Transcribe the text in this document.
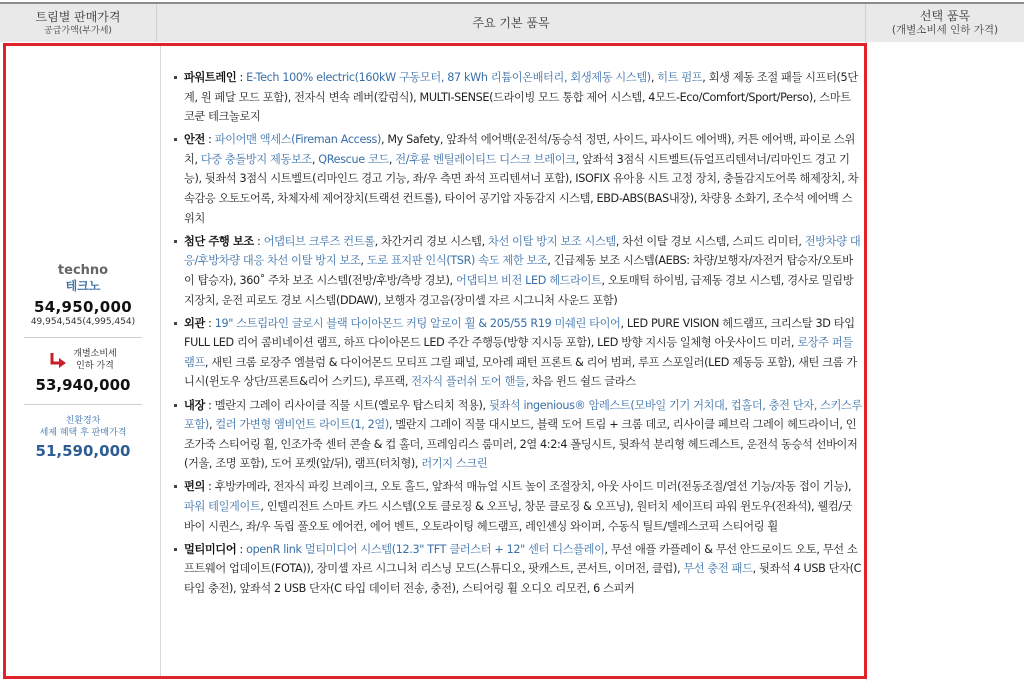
트림별 판매가격
공급가액(부가세)
주요 기본 품목	선택 품목
(개별소비세 인하 가격)
techno
테크노
54,950,000
49,954,545(4,995,454)
개별소비세
인하 가격
53,940,000
친환경차
세제 혜택 후 판매가격
51,590,000
파워트레인 : E-Tech 100% electric(160kW 구동모터, 87 kWh 리튬이온배터리, 회생제동 시스템), 히트 펌프, 회생 제동 조절 패들 시프터(5단계, 원 페달 모드 포함), 전자식 변속 레버(칼럼식), MULTI-SENSE(드라이빙 모드 통합 제어 시스템, 4모드-Eco/Comfort/Sport/Perso), 스마트 코쿤 테크놀로지
안전 : 파이어맨 액세스(Fireman Access), My Safety, 앞좌석 에어백(운전석/동승석 정면, 사이드, 파사이드 에어백), 커튼 에어백, 파이로 스위치, 다중 충돌방지 제동보조, QRescue 코드, 전/후륜 벤틸레이티드 디스크 브레이크, 앞좌석 3점식 시트벨트(듀얼프리텐셔너/리마인드 경고 기능), 뒷좌석 3점식 시트벨트(리마인드 경고 기능, 좌/우 측면 좌석 프리텐셔너 포함), ISOFIX 유아용 시트 고정 장치, 충돌감지도어록 해제장치, 차속감응 오토도어록, 차체자세 제어장치(트랙션 컨트롤), 타이어 공기압 자동감지 시스템, EBD-ABS(BAS내장), 차량용 소화기, 조수석 에어백 스위치
첨단 주행 보조 : 어댑티브 크루즈 컨트롤, 차간거리 경보 시스템, 차선 이탈 방지 보조 시스템, 차선 이탈 경보 시스템, 스피드 리미터, 전방차량 대응/후방차량 대응 차선 이탈 방지 보조, 도로 표지판 인식(TSR) 속도 제한 보조, 긴급제동 보조 시스템(AEBS: 차량/보행자/자전거 탑승자/오토바이 탑승자), 360˚ 주차 보조 시스템(전방/후방/측방 경보), 어댑티브 비전 LED 헤드라이트, 오토매틱 하이빔, 급제동 경보 시스템, 경사로 밀림방지장치, 운전 피로도 경보 시스템(DDAW), 보행자 경고음(장미셸 자르 시그니처 사운드 포함)
외관 : 19" 스트림라인 글로시 블랙 다이아몬드 커팅 알로이 휠 & 205/55 R19 미쉐린 타이어, LED PURE VISION 헤드램프, 크리스탈 3D 타입 FULL LED 리어 콤비네이션 램프, 하프 다이아몬드 LED 주간 주행등(방향 지시등 포함), LED 방향 지시등 일체형 아웃사이드 미러, 로장주 퍼들 램프, 새틴 크롬 로장주 엠블럼 & 다이어몬드 모티프 그릴 패널, 모아레 패턴 프론트 & 리어 범퍼, 루프 스포일러(LED 제동등 포함), 새틴 크롬 가니시(윈도우 상단/프론트&리어 스키드), 루프랙, 전자식 플러쉬 도어 핸들, 차음 윈드 쉴드 글라스
내장 : 멜란지 그레이 리사이클 직물 시트(옐로우 탑스티치 적용), 뒷좌석 ingenious® 암레스트(모바일 기기 거치대, 컵홀더, 충전 단자, 스키스루 포함), 컬러 가변형 앰비언트 라이트(1, 2열), 멜란지 그레이 직물 대시보드, 블랙 도어 트림 + 크롬 데코, 리사이클 페브릭 그레이 헤드라이너, 인조가죽 스티어링 휠, 인조가죽 센터 콘솔 & 컵 홀더, 프레임리스 룸미러, 2열 4:2:4 폴딩시트, 뒷좌석 분리형 헤드레스트, 운전석 동승석 선바이저(거울, 조명 포함), 도어 포켓(앞/뒤), 램프(터치형), 러기지 스크린
편의 : 후방카메라, 전자식 파킹 브레이크, 오토 홀드, 앞좌석 매뉴얼 시트 높이 조절장치, 아웃 사이드 미러(전동조절/열선 기능/자동 접이 기능), 파워 테일게이트, 인텔리전트 스마트 카드 시스템(오토 클로징 & 오프닝, 창문 클로징 & 오프닝), 원터치 세이프티 파워 윈도우(전좌석), 웰컴/굿바이 시퀀스, 좌/우 독립 풀오토 에어컨, 에어 벤트, 오토라이팅 헤드램프, 레인센싱 와이퍼, 수동식 틸트/텔레스코픽 스티어링 휠
멀티미디어 : openR link 멀티미디어 시스템(12.3" TFT 클러스터 + 12" 센터 디스플레이, 무선 애플 카플레이 & 무선 안드로이드 오토, 무선 소프트웨어 업데이트(FOTA)), 장미셸 자르 시그니처 리스닝 모드(스튜디오, 팟캐스트, 콘서트, 이머전, 클럽), 무선 충전 패드, 뒷좌석 4 USB 단자(C 타입 충전), 앞좌석 2 USB 단자(C 타입 데이터 전송, 충전), 스티어링 휠 오디오 리모컨, 6 스피커
